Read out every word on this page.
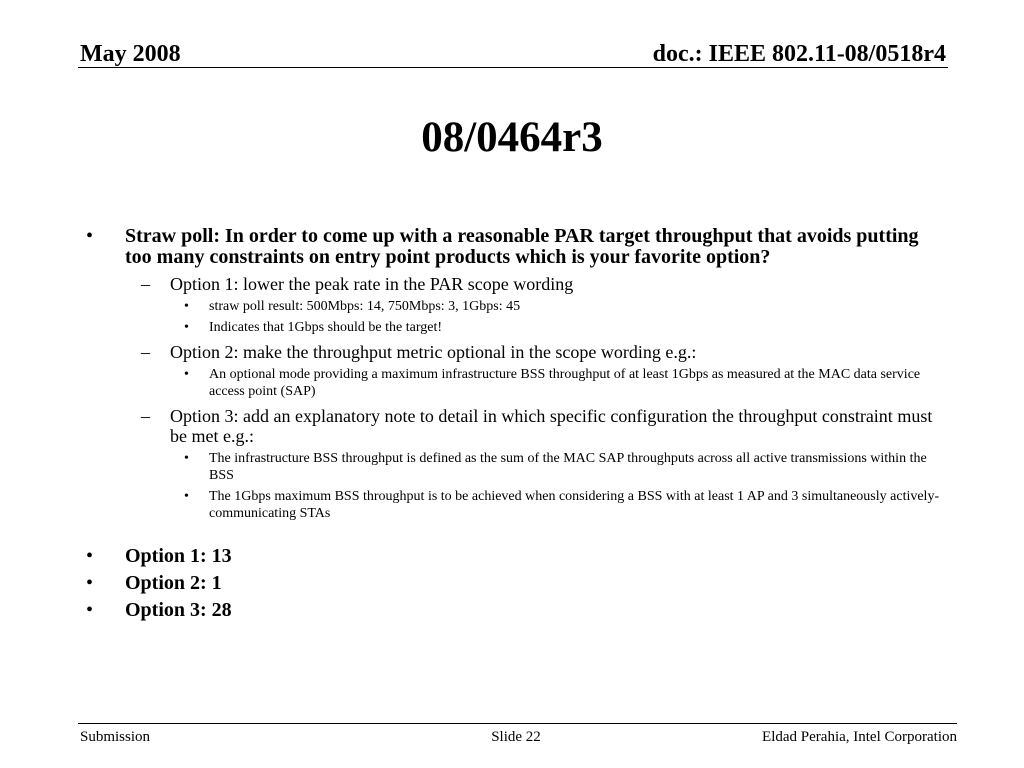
May 2008	doc.: IEEE 802.11-08/0518r4
08/0464r3
• Straw poll: In order to come up with a reasonable PAR target throughput that avoids putting too many constraints on entry point products which is your favorite option?
– Option 1: lower the peak rate in the PAR scope wording
• straw poll result: 500Mbps: 14, 750Mbps: 3, 1Gbps: 45
• Indicates that 1Gbps should be the target!
– Option 2: make the throughput metric optional in the scope wording e.g.:
• An optional mode providing a maximum infrastructure BSS throughput of at least 1Gbps as measured at the MAC data service access point (SAP)
– Option 3: add an explanatory note to detail in which specific configuration the throughput constraint must be met e.g.:
• The infrastructure BSS throughput is defined as the sum of the MAC SAP throughputs across all active transmissions within the BSS
• The 1Gbps maximum BSS throughput is to be achieved when considering a BSS with at least 1 AP and 3 simultaneously actively-communicating STAs
• Option 1: 13
• Option 2: 1
• Option 3: 28
Submission	Slide 22	Eldad Perahia, Intel Corporation
